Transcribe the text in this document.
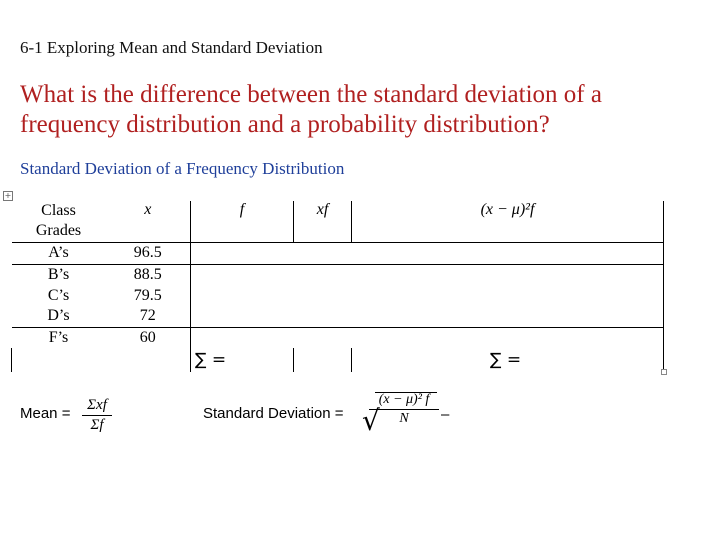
6-1 Exploring Mean and Standard Deviation
What is the difference between the standard deviation of a
frequency distribution and a probability distribution?
Standard Deviation of a Frequency Distribution
+
Class	x	f	xf	(x − μ)²f
Grades				
A’s	96.5			
B’s	88.5			
C’s	79.5			
D’s	72			
F’s	60			
		∑ =		∑ =
Mean =	Σxf
Σf
Standard Deviation = √
(x − μ)² f
N	–
